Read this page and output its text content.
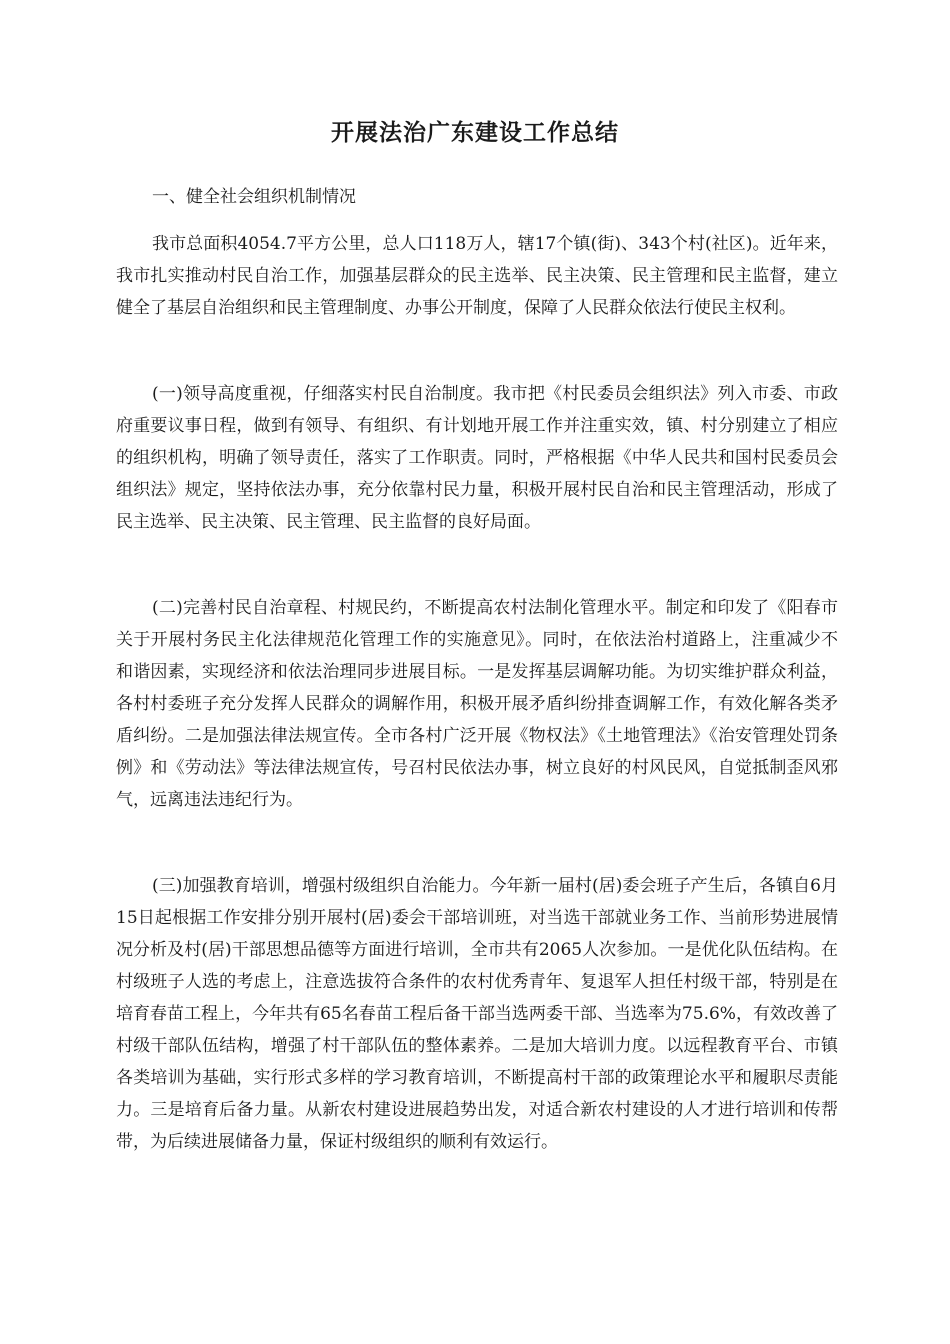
开展法治广东建设工作总结
一、健全社会组织机制情况

我市总面积4054.7平方公里，总人口118万人，辖17个镇(街)、343个村(社区)。近年来，我市扎实推动村民自治工作，加强基层群众的民主选举、民主决策、民主管理和民主监督，建立健全了基层自治组织和民主管理制度、办事公开制度，保障了人民群众依法行使民主权利。

(一)领导高度重视，仔细落实村民自治制度。我市把《村民委员会组织法》列入市委、市政府重要议事日程，做到有领导、有组织、有计划地开展工作并注重实效，镇、村分别建立了相应的组织机构，明确了领导责任，落实了工作职责。同时，严格根据《中华人民共和国村民委员会组织法》规定，坚持依法办事，充分依靠村民力量，积极开展村民自治和民主管理活动，形成了民主选举、民主决策、民主管理、民主监督的良好局面。

(二)完善村民自治章程、村规民约，不断提高农村法制化管理水平。制定和印发了《阳春市关于开展村务民主化法律规范化管理工作的实施意见》。同时，在依法治村道路上，注重减少不和谐因素，实现经济和依法治理同步进展目标。一是发挥基层调解功能。为切实维护群众利益，各村村委班子充分发挥人民群众的调解作用，积极开展矛盾纠纷排查调解工作，有效化解各类矛盾纠纷。二是加强法律法规宣传。全市各村广泛开展《物权法》《土地管理法》《治安管理处罚条例》和《劳动法》等法律法规宣传，号召村民依法办事，树立良好的村风民风，自觉抵制歪风邪气，远离违法违纪行为。

(三)加强教育培训，增强村级组织自治能力。今年新一届村(居)委会班子产生后，各镇自6月15日起根据工作安排分别开展村(居)委会干部培训班，对当选干部就业务工作、当前形势进展情况分析及村(居)干部思想品德等方面进行培训，全市共有2065人次参加。一是优化队伍结构。在村级班子人选的考虑上，注意选拔符合条件的农村优秀青年、复退军人担任村级干部，特别是在培育春苗工程上，今年共有65名春苗工程后备干部当选两委干部、当选率为75.6%，有效改善了村级干部队伍结构，增强了村干部队伍的整体素养。二是加大培训力度。以远程教育平台、市镇各类培训为基础，实行形式多样的学习教育培训，不断提高村干部的政策理论水平和履职尽责能力。三是培育后备力量。从新农村建设进展趋势出发，对适合新农村建设的人才进行培训和传帮带，为后续进展储备力量，保证村级组织的顺利有效运行。
